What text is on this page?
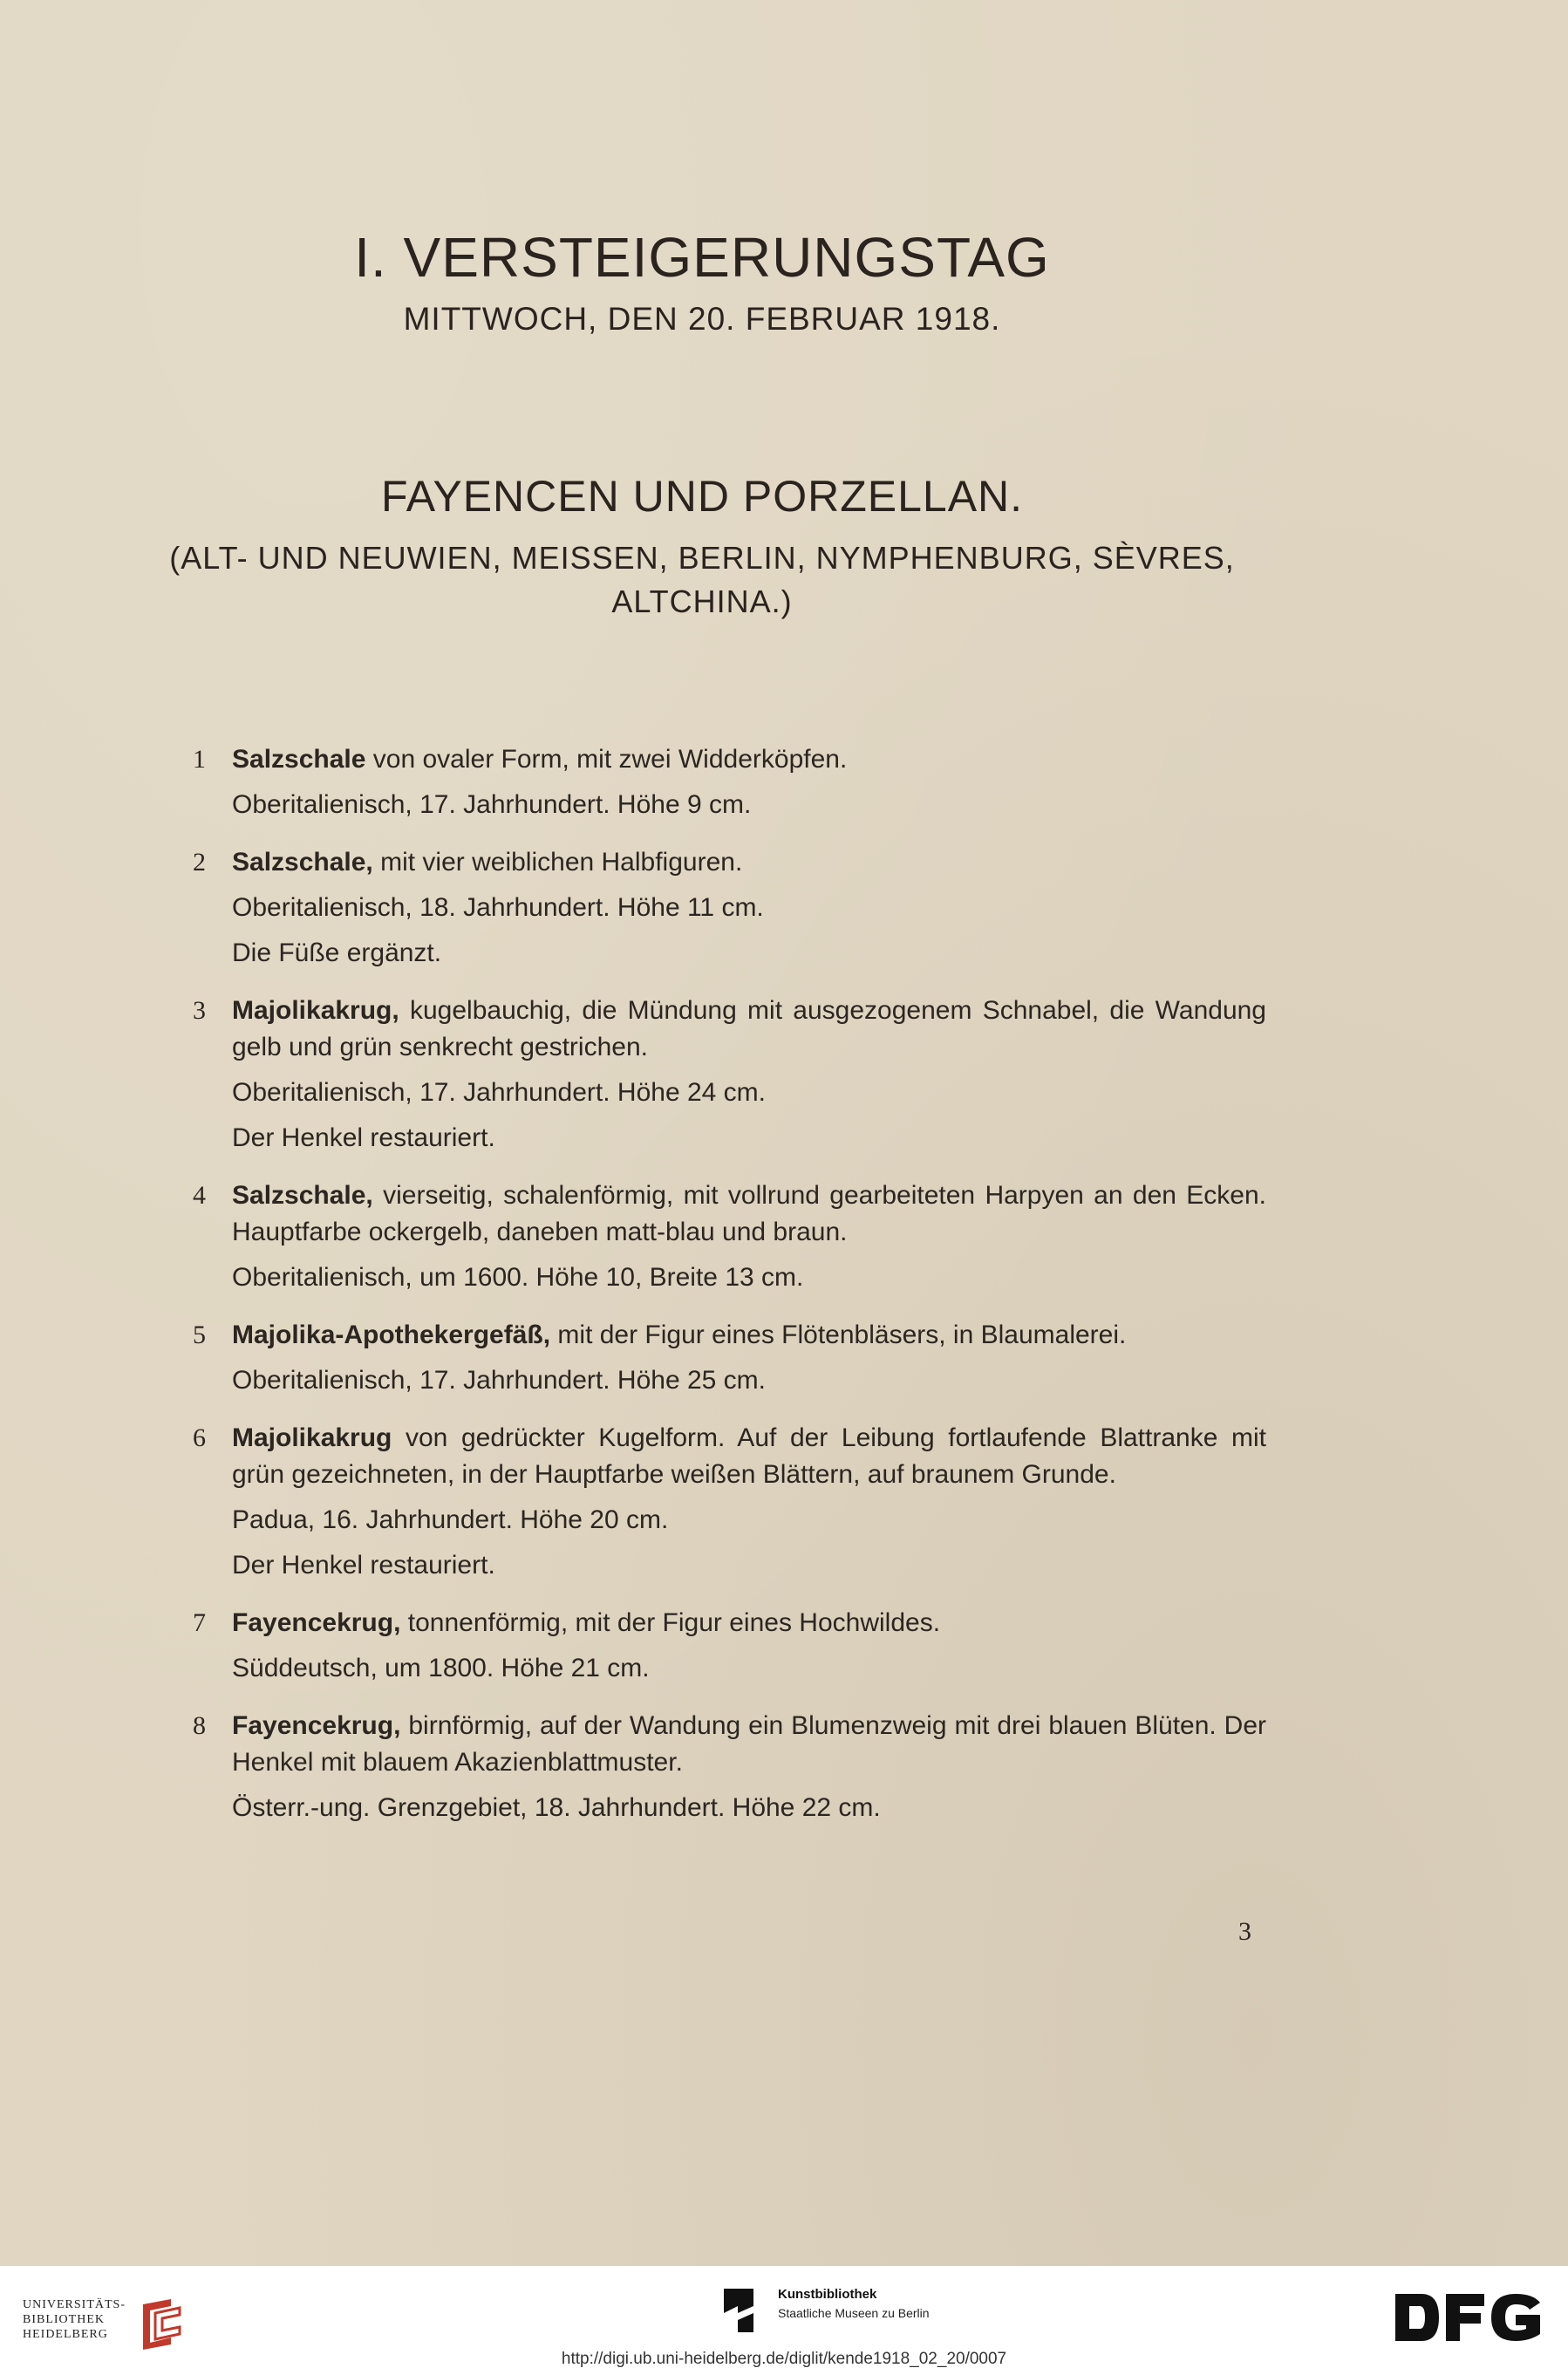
I. VERSTEIGERUNGSTAG
MITTWOCH, DEN 20. FEBRUAR 1918.
FAYENCEN UND PORZELLAN.
(ALT- UND NEUWIEN, MEISSEN, BERLIN, NYMPHENBURG, SÈVRES, ALTCHINA.)
1 Salzschale von ovaler Form, mit zwei Widderköpfen.
Oberitalienisch, 17. Jahrhundert. Höhe 9 cm.
2 Salzschale, mit vier weiblichen Halbfiguren.
Oberitalienisch, 18. Jahrhundert. Höhe 11 cm.
Die Füße ergänzt.
3 Majolikakrug, kugelbauchig, die Mündung mit ausgezogenem Schnabel, die Wandung gelb und grün senkrecht gestrichen.
Oberitalienisch, 17. Jahrhundert. Höhe 24 cm.
Der Henkel restauriert.
4 Salzschale, vierseitig, schalenförmig, mit vollrund gearbeiteten Harpyen an den Ecken. Hauptfarbe ockergelb, daneben matt-blau und braun.
Oberitalienisch, um 1600. Höhe 10, Breite 13 cm.
5 Majolika-Apothekergefäß, mit der Figur eines Flötenbläsers, in Blaumalerei.
Oberitalienisch, 17. Jahrhundert. Höhe 25 cm.
6 Majolikakrug von gedrückter Kugelform. Auf der Leibung fortlaufende Blattranke mit grün gezeichneten, in der Hauptfarbe weißen Blättern, auf braunem Grunde.
Padua, 16. Jahrhundert. Höhe 20 cm.
Der Henkel restauriert.
7 Fayencekrug, tonnenförmig, mit der Figur eines Hochwildes.
Süddeutsch, um 1800. Höhe 21 cm.
8 Fayencekrug, birnförmig, auf der Wandung ein Blumenzweig mit drei blauen Blüten. Der Henkel mit blauem Akazienblattmuster.
Österr.-ung. Grenzgebiet, 18. Jahrhundert. Höhe 22 cm.
3
UNIVERSITÄTS-
BIBLIOTHEK
HEIDELBERG
Kunstbibliothek
Staatliche Museen zu Berlin
http://digi.ub.uni-heidelberg.de/diglit/kende1918_02_20/0007
